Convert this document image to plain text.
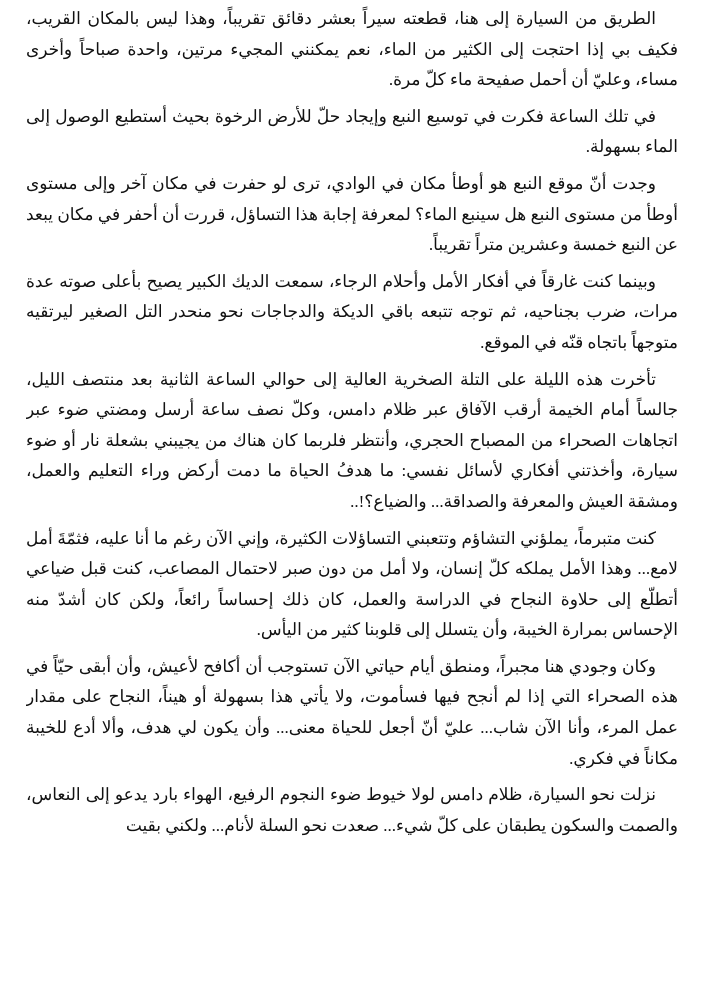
الطريق من السيارة إلى هنا، قطعته سيراً بعشر دقائق تقريباً، وهذا ليس بالمكان القريب، فكيف بي إذا احتجت إلى الكثير من الماء، نعم يمكنني المجيء مرتين، واحدة صباحاً وأخرى مساء، وعليّ أن أحمل صفيحة ماء كلّ مرة.

في تلك الساعة فكرت في توسيع النبع وإيجاد حلّ للأرض الرخوة بحيث أستطيع الوصول إلى الماء بسهولة.

وجدت أنّ موقع النبع هو أوطأ مكان في الوادي، ترى لو حفرت في مكان آخر وإلى مستوى أوطأ من مستوى النبع هل سينبع الماء؟ لمعرفة إجابة هذا التساؤل، قررت أن أحفر في مكان يبعد عن النبع خمسة وعشرين متراً تقريباً.

وبينما كنت غارقاً في أفكار الأمل وأحلام الرجاء، سمعت الديك الكبير يصيح بأعلى صوته عدة مرات، ضرب بجناحيه، ثم توجه تتبعه باقي الديكة والدجاجات نحو منحدر التل الصغير ليرتقيه متوجهاً باتجاه قنّه في الموقع.

تأخرت هذه الليلة على التلة الصخرية العالية إلى حوالي الساعة الثانية بعد منتصف الليل، جالساً أمام الخيمة أرقب الآفاق عبر ظلام دامس، وكلّ نصف ساعة أرسل ومضتي ضوء عبر اتجاهات الصحراء من المصباح الحجري، وأنتظر فلربما كان هناك من يجيبني بشعلة نار أو ضوء سيارة، وأخذتني أفكاري لأسائل نفسي: ما هدفُ الحياة ما دمت أركض وراء التعليم والعمل، ومشقة العيش والمعرفة والصداقة... والضياع؟!..

كنت متبرماً، يملؤني التشاؤم وتتعبني التساؤلات الكثيرة، وإني الآن رغم ما أنا عليه، فثمّةَ أمل لامع... وهذا الأمل يملكه كلّ إنسان، ولا أمل من دون صبر لاحتمال المصاعب، كنت قبل ضياعي أتطلّع إلى حلاوة النجاح في الدراسة والعمل، كان ذلك إحساساً رائعاً، ولكن كان أشدّ منه الإحساس بمرارة الخيبة، وأن يتسلل إلى قلوبنا كثير من اليأس.

وكان وجودي هنا مجبراً، ومنطق أيام حياتي الآن تستوجب أن أكافح لأعيش، وأن أبقى حيّاً في هذه الصحراء التي إذا لم أنجح فيها فسأموت، ولا يأتي هذا بسهولة أو هيناً، النجاح على مقدار عمل المرء، وأنا الآن شاب... عليّ أنّ أجعل للحياة معنى... وأن يكون لي هدف، وألا أدع للخيبة مكاناً في فكري.

نزلت نحو السيارة، ظلام دامس لولا خيوط ضوء النجوم الرفيع، الهواء بارد يدعو إلى النعاس، والصمت والسكون يطبقان على كلّ شيء... صعدت نحو السلة لأنام... ولكني بقيت
